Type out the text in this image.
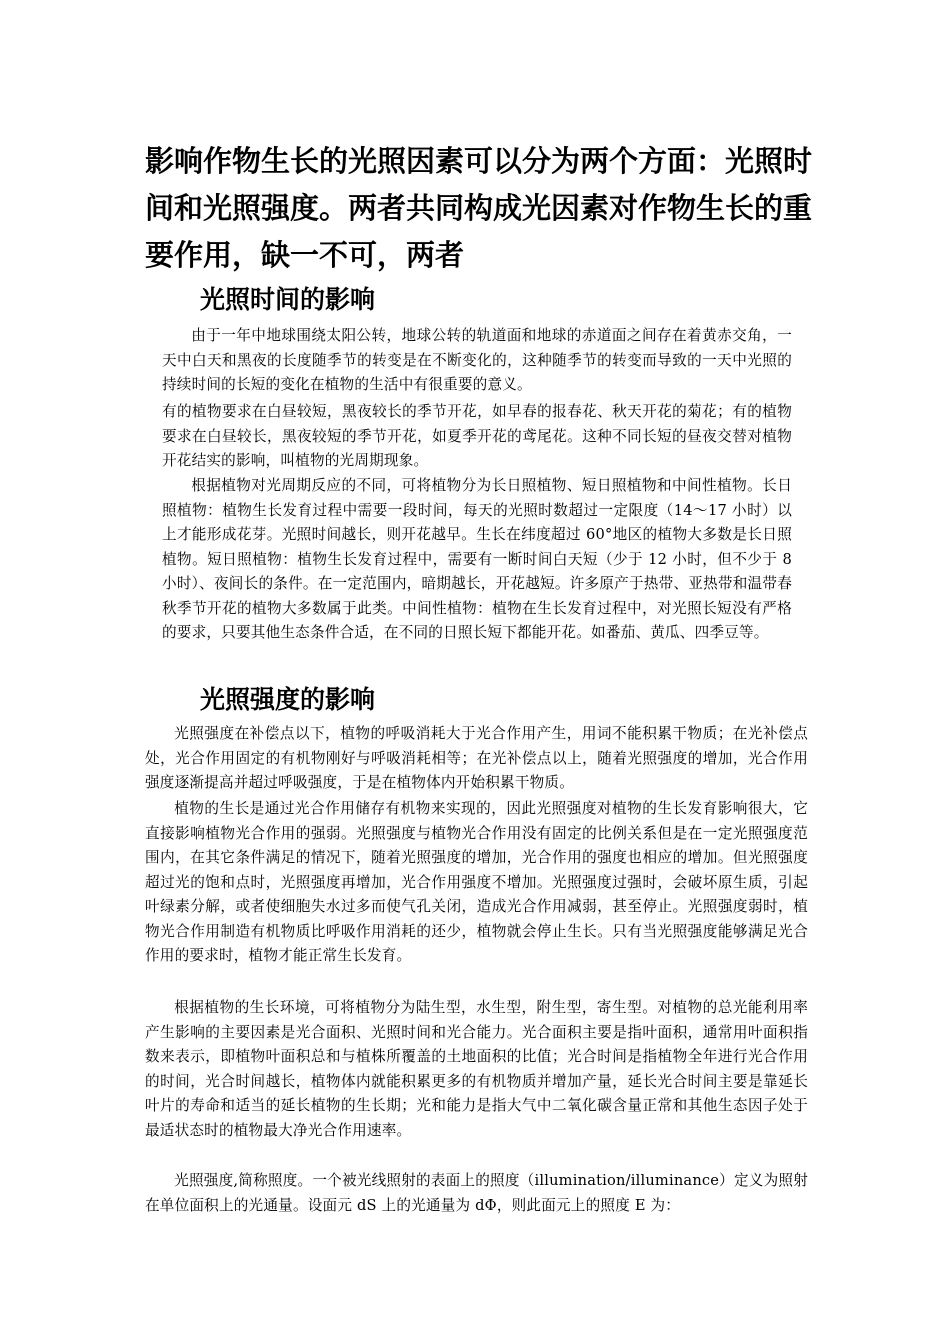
影响作物生长的光照因素可以分为两个方面：光照时间和光照强度。两者共同构成光因素对作物生长的重要作用，缺一不可，两者

光照时间的影响

由于一年中地球围绕太阳公转，地球公转的轨道面和地球的赤道面之间存在着黄赤交角，一天中白天和黑夜的长度随季节的转变是在不断变化的，这种随季节的转变而导致的一天中光照的持续时间的长短的变化在植物的生活中有很重要的意义。

有的植物要求在白昼较短，黑夜较长的季节开花，如早春的报春花、秋天开花的菊花；有的植物要求在白昼较长，黑夜较短的季节开花，如夏季开花的鸢尾花。这种不同长短的昼夜交替对植物开花结实的影响，叫植物的光周期现象。

根据植物对光周期反应的不同，可将植物分为长日照植物、短日照植物和中间性植物。长日照植物：植物生长发育过程中需要一段时间，每天的光照时数超过一定限度（14～17 小时）以上才能形成花芽。光照时间越长，则开花越早。生长在纬度超过 60°地区的植物大多数是长日照植物。短日照植物：植物生长发育过程中，需要有一断时间白天短（少于 12 小时，但不少于 8 小时）、夜间长的条件。在一定范围内，暗期越长，开花越短。许多原产于热带、亚热带和温带春秋季节开花的植物大多数属于此类。中间性植物：植物在生长发育过程中，对光照长短没有严格的要求，只要其他生态条件合适，在不同的日照长短下都能开花。如番茄、黄瓜、四季豆等。

光照强度的影响

光照强度在补偿点以下，植物的呼吸消耗大于光合作用产生，用词不能积累干物质；在光补偿点处，光合作用固定的有机物刚好与呼吸消耗相等；在光补偿点以上，随着光照强度的增加，光合作用强度逐渐提高并超过呼吸强度，于是在植物体内开始积累干物质。

植物的生长是通过光合作用储存有机物来实现的，因此光照强度对植物的生长发育影响很大，它直接影响植物光合作用的强弱。光照强度与植物光合作用没有固定的比例关系但是在一定光照强度范围内，在其它条件满足的情况下，随着光照强度的增加，光合作用的强度也相应的增加。但光照强度超过光的饱和点时，光照强度再增加，光合作用强度不增加。光照强度过强时，会破坏原生质，引起叶绿素分解，或者使细胞失水过多而使气孔关闭，造成光合作用减弱，甚至停止。光照强度弱时，植物光合作用制造有机物质比呼吸作用消耗的还少，植物就会停止生长。只有当光照强度能够满足光合作用的要求时，植物才能正常生长发育。

根据植物的生长环境，可将植物分为陆生型，水生型，附生型，寄生型。对植物的总光能利用率产生影响的主要因素是光合面积、光照时间和光合能力。光合面积主要是指叶面积，通常用叶面积指数来表示，即植物叶面积总和与植株所覆盖的土地面积的比值；光合时间是指植物全年进行光合作用的时间，光合时间越长，植物体内就能积累更多的有机物质并增加产量，延长光合时间主要是靠延长叶片的寿命和适当的延长植物的生长期；光和能力是指大气中二氧化碳含量正常和其他生态因子处于最适状态时的植物最大净光合作用速率。

光照强度,简称照度。一个被光线照射的表面上的照度（illumination/illuminance）定义为照射在单位面积上的光通量。设面元 dS 上的光通量为 dΦ，则此面元上的照度 E 为：
